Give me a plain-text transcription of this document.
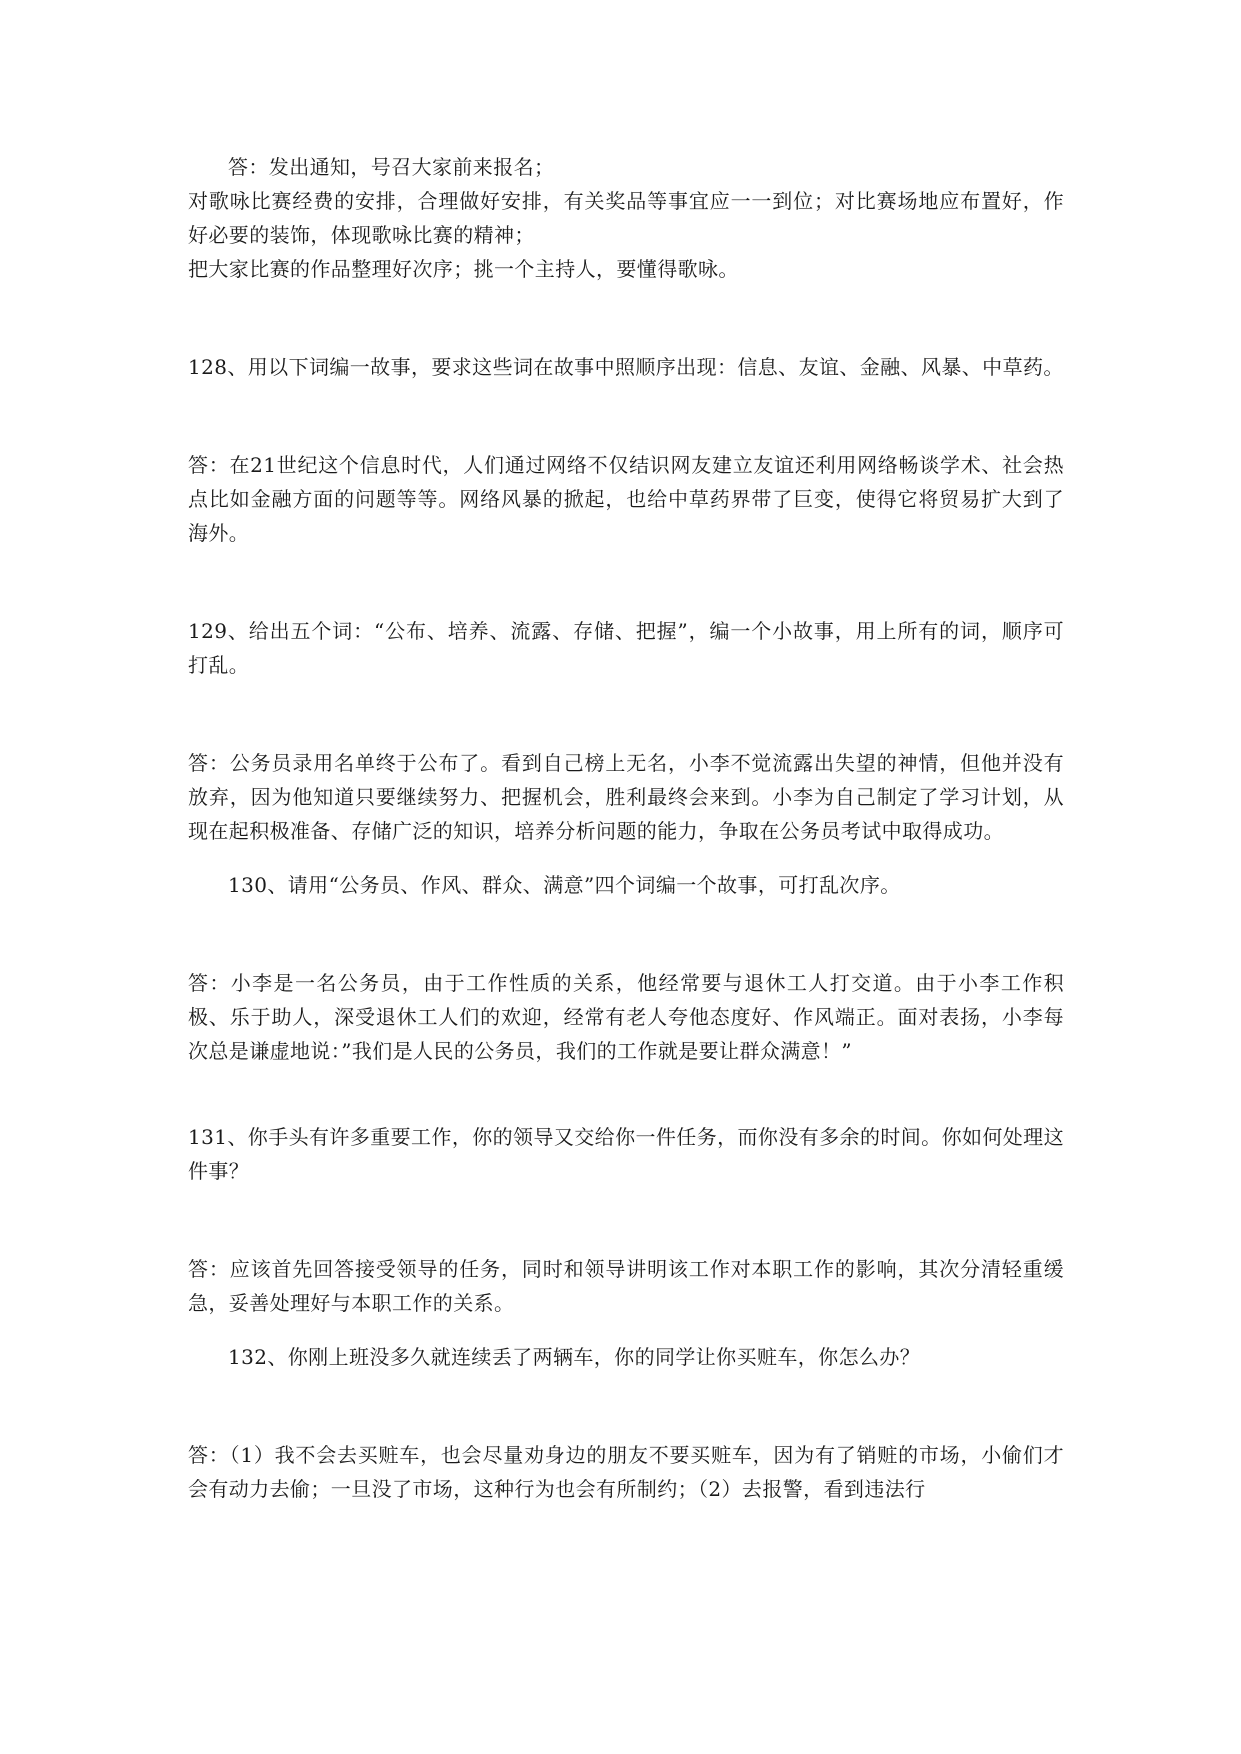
答：发出通知，号召大家前来报名；

对歌咏比赛经费的安排，合理做好安排，有关奖品等事宜应一一到位；对比赛场地应布置好，作好必要的装饰，体现歌咏比赛的精神；

把大家比赛的作品整理好次序；挑一个主持人，要懂得歌咏。

128、用以下词编一故事，要求这些词在故事中照顺序出现：信息、友谊、金融、风暴、中草药。

答：在21世纪这个信息时代，人们通过网络不仅结识网友建立友谊还利用网络畅谈学术、社会热点比如金融方面的问题等等。网络风暴的掀起，也给中草药界带了巨变，使得它将贸易扩大到了海外。

129、给出五个词：“公布、培养、流露、存储、把握”，编一个小故事，用上所有的词，顺序可打乱。

答：公务员录用名单终于公布了。看到自己榜上无名，小李不觉流露出失望的神情，但他并没有放弃，因为他知道只要继续努力、把握机会，胜利最终会来到。小李为自己制定了学习计划，从现在起积极准备、存储广泛的知识，培养分析问题的能力，争取在公务员考试中取得成功。

130、请用“公务员、作风、群众、满意”四个词编一个故事，可打乱次序。

答：小李是一名公务员，由于工作性质的关系，他经常要与退休工人打交道。由于小李工作积极、乐于助人，深受退休工人们的欢迎，经常有老人夸他态度好、作风端正。面对表扬，小李每次总是谦虚地说：”我们是人民的公务员，我们的工作就是要让群众满意！”

131、你手头有许多重要工作，你的领导又交给你一件任务，而你没有多余的时间。你如何处理这件事？

答：应该首先回答接受领导的任务，同时和领导讲明该工作对本职工作的影响，其次分清轻重缓急，妥善处理好与本职工作的关系。

132、你刚上班没多久就连续丢了两辆车，你的同学让你买赃车，你怎么办？

答：（1）我不会去买赃车，也会尽量劝身边的朋友不要买赃车，因为有了销赃的市场，小偷们才会有动力去偷；一旦没了市场，这种行为也会有所制约；（2）去报警，看到违法行
